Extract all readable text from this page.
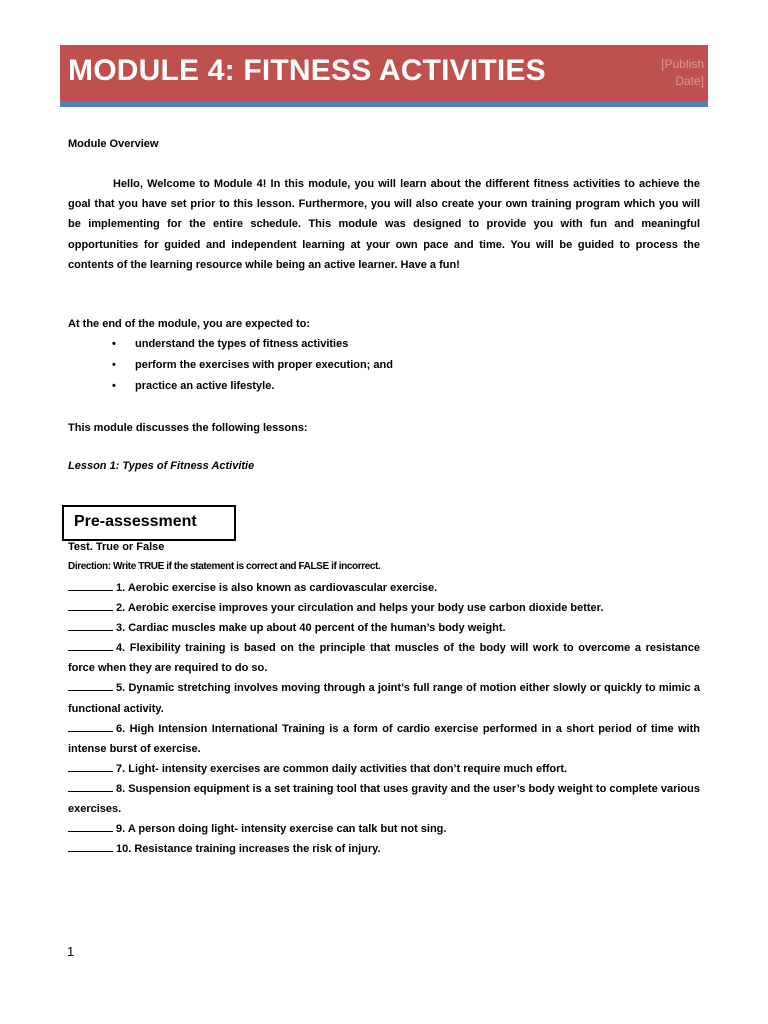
MODULE 4: FITNESS ACTIVITIES	[Publish
Date]
Module Overview

Hello, Welcome to Module 4! In this module, you will learn about the different fitness activities to achieve the goal that you have set prior to this lesson. Furthermore, you will also create your own training program which you will be implementing for the entire schedule. This module was designed to provide you with fun and meaningful opportunities for guided and independent learning at your own pace and time. You will be guided to process the contents of the learning resource while being an active learner. Have a fun!

At the end of the module, you are expected to:
• understand the types of fitness activities
• perform the exercises with proper execution; and
• practice an active lifestyle.
This module discusses the following lessons:
Lesson 1: Types of Fitness Activitie
Pre-assessment
Test. True or False
Direction: Write TRUE if the statement is correct and FALSE if incorrect.

1. Aerobic exercise is also known as cardiovascular exercise.

2. Aerobic exercise improves your circulation and helps your body use carbon dioxide better.

3. Cardiac muscles make up about 40 percent of the human’s body weight.

4. Flexibility training is based on the principle that muscles of the body will work to overcome a resistance force when they are required to do so.

5. Dynamic stretching involves moving through a joint’s full range of motion either slowly or quickly to mimic a functional activity.

6. High Intension International Training is a form of cardio exercise performed in a short period of time with intense burst of exercise.

7. Light- intensity exercises are common daily activities that don’t require much effort.

8. Suspension equipment is a set training tool that uses gravity and the user’s body weight to complete various exercises.

9. A person doing light- intensity exercise can talk but not sing.

10. Resistance training increases the risk of injury.

1
